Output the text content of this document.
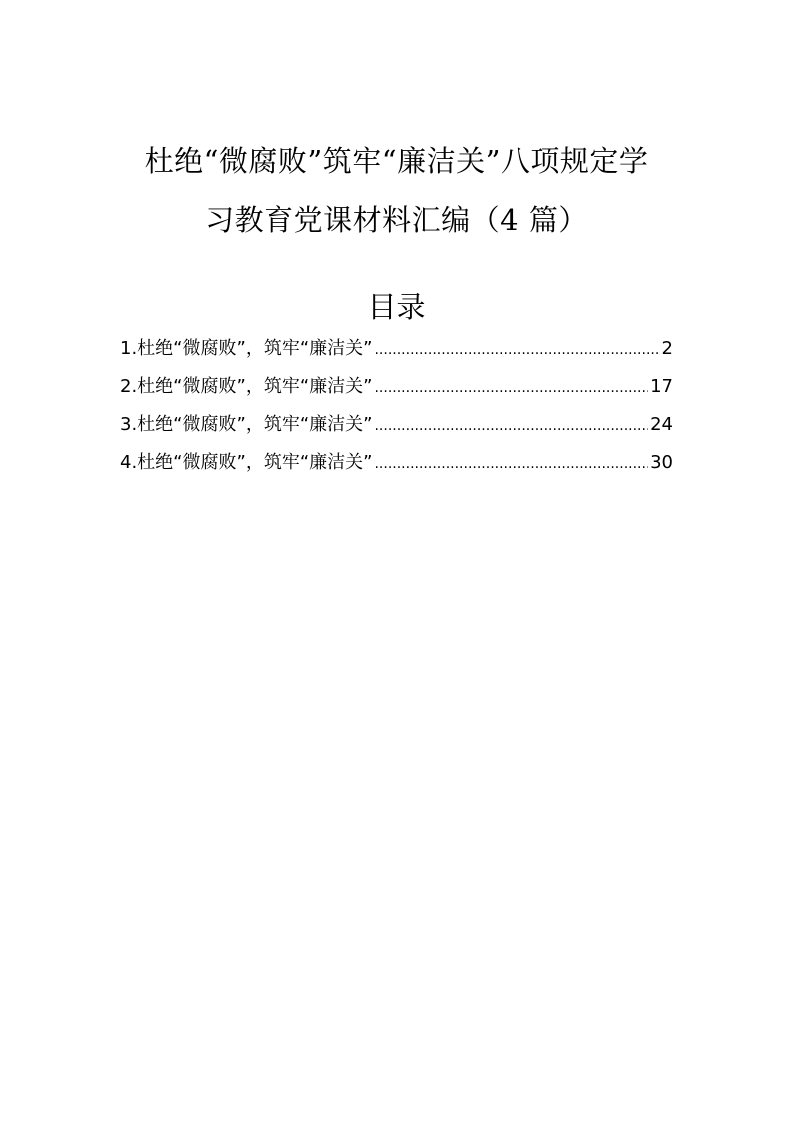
杜绝“微腐败”筑牢“廉洁关”八项规定学
习教育党课材料汇编（4 篇）
目录
1.杜绝“微腐败”，筑牢“廉洁关” .....	2
2.杜绝“微腐败”，筑牢“廉洁关” .....	17
3.杜绝“微腐败”，筑牢“廉洁关” .....	24
4.杜绝“微腐败”，筑牢“廉洁关” .....	30
